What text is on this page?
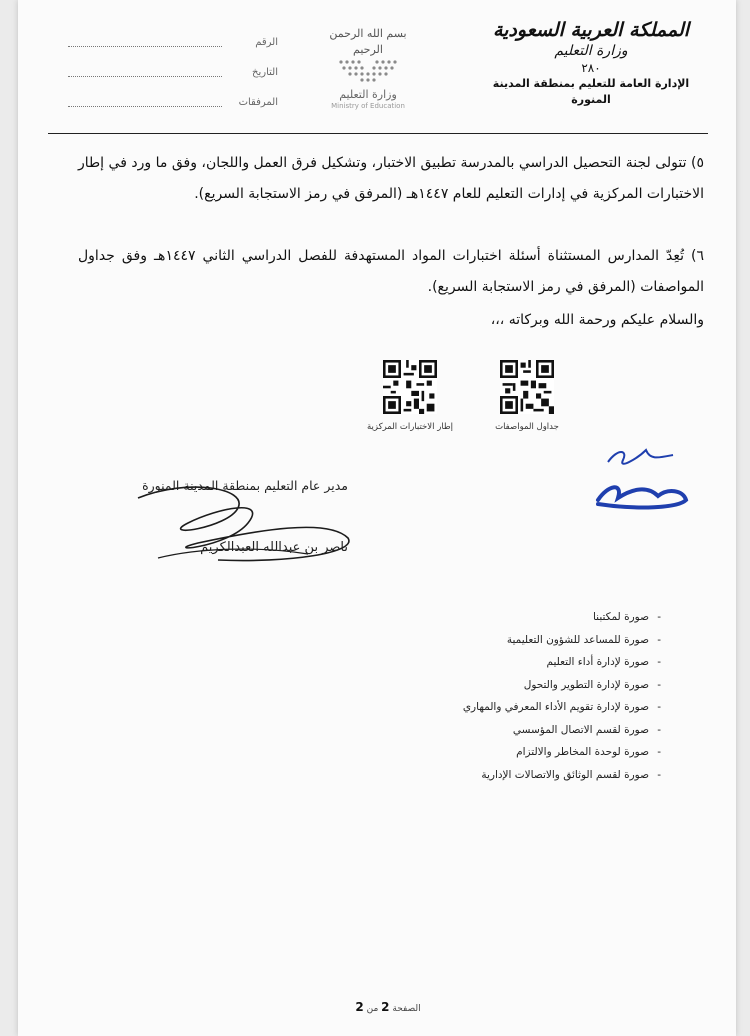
المملكة العربية السعودية
وزارة التعليم
٢٨٠
الإدارة العامة للتعليم بمنطقة المدينة المنورة
بسم الله الرحمن الرحيم
وزارة التعليم
Ministry of Education
الرقم
التاريخ
المرفقات
٥) تتولى لجنة التحصيل الدراسي بالمدرسة تطبيق الاختبار، وتشكيل فرق العمل واللجان، وفق ما ورد في إطار الاختبارات المركزية في إدارات التعليم للعام ١٤٤٧هـ (المرفق في رمز الاستجابة السريع).
٦) تُعِدّ المدارس المستثناة أسئلة اختبارات المواد المستهدفة للفصل الدراسي الثاني ١٤٤٧هـ وفق جداول المواصفات (المرفق في رمز الاستجابة السريع).
والسلام عليكم ورحمة الله وبركاته ،،،
جداول المواصفات
إطار الاختبارات المركزية
مدير عام التعليم بمنطقة المدينة المنورة
ناصر بن عبدالله العبدالكريم
- صورة لمكتبنا
- صورة للمساعد للشؤون التعليمية
- صورة لإدارة أداء التعليم
- صورة لإدارة التطوير والتحول
- صورة لإدارة تقويم الأداء المعرفي والمهاري
- صورة لقسم الاتصال المؤسسي
- صورة لوحدة المخاطر والالتزام
- صورة لقسم الوثائق والاتصالات الإدارية
الصفحة 2 من 2
